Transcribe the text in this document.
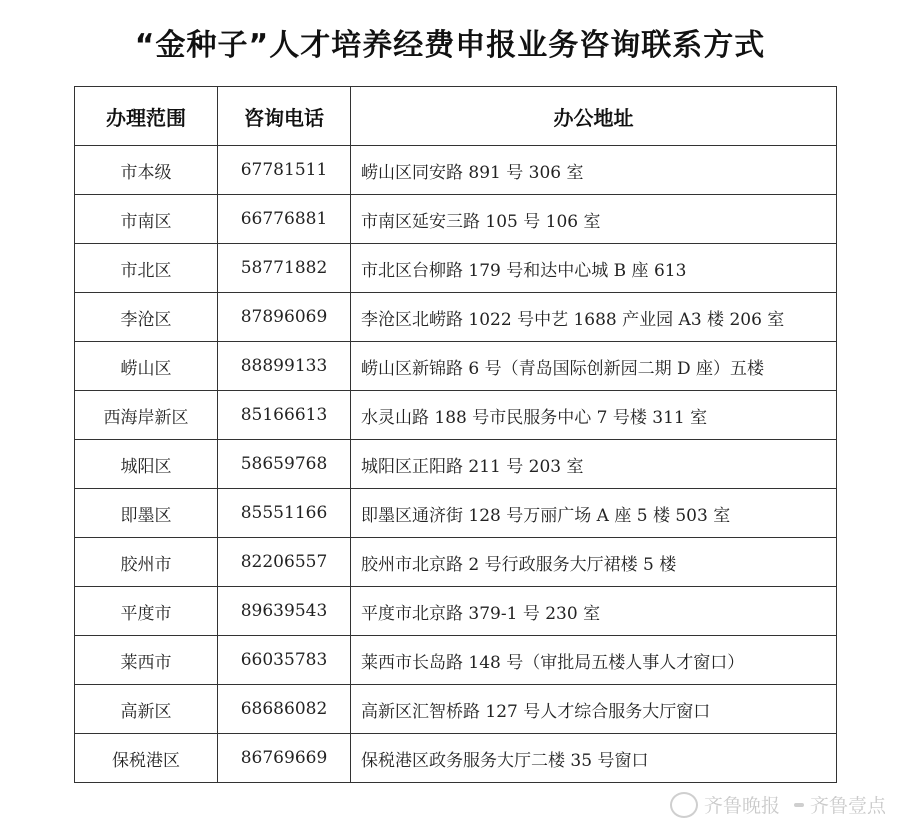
“金种子”人才培养经费申报业务咨询联系方式
办理范围	咨询电话	办公地址
市本级	67781511	崂山区同安路 891 号 306 室
市南区	66776881	市南区延安三路 105 号 106 室
市北区	58771882	市北区台柳路 179 号和达中心城 B 座 613
李沧区	87896069	李沧区北崂路 1022 号中艺 1688 产业园 A3 楼 206 室
崂山区	88899133	崂山区新锦路 6 号（青岛国际创新园二期 D 座）五楼
西海岸新区	85166613	水灵山路 188 号市民服务中心 7 号楼 311 室
城阳区	58659768	城阳区正阳路 211 号 203 室
即墨区	85551166	即墨区通济街 128 号万丽广场 A 座 5 楼 503 室
胶州市	82206557	胶州市北京路 2 号行政服务大厅裙楼 5 楼
平度市	89639543	平度市北京路 379-1 号 230 室
莱西市	66035783	莱西市长岛路 148 号（审批局五楼人事人才窗口）
高新区	68686082	高新区汇智桥路 127 号人才综合服务大厅窗口
保税港区	86769669	保税港区政务服务大厅二楼 35 号窗口
齐鲁晚报 齐鲁壹点
